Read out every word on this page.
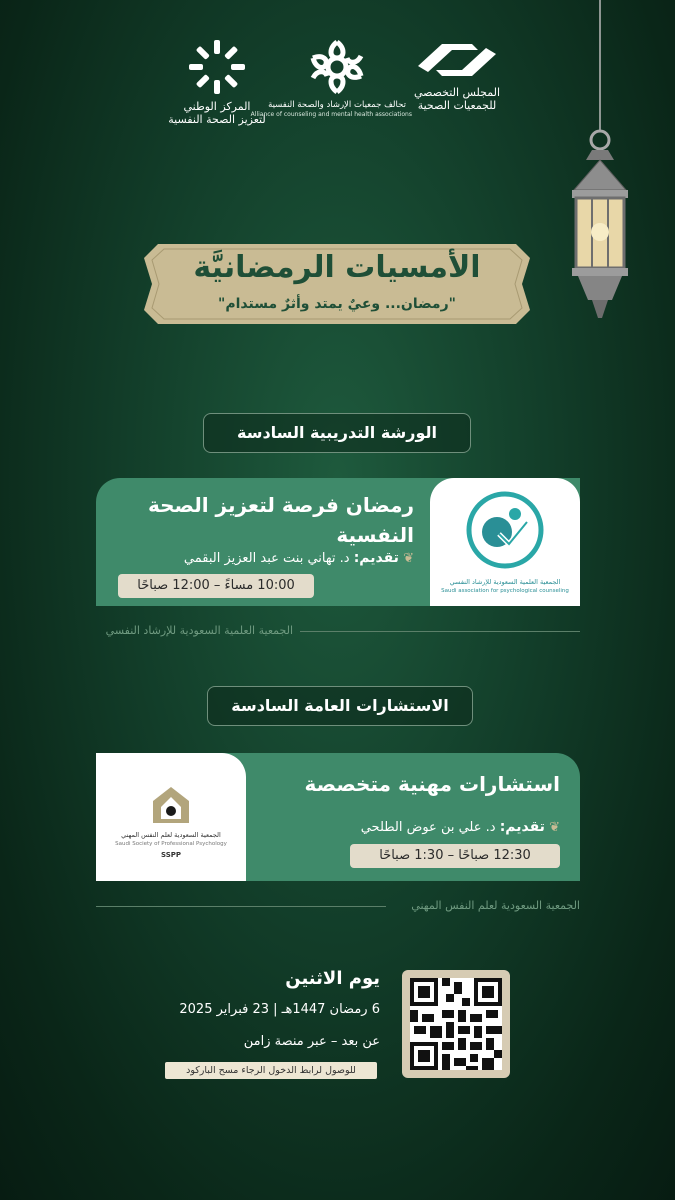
المجلس التخصصي
للجمعيات الصحية
تحالف جمعيات الإرشاد والصحة النفسية
Alliance of counseling and mental health associations
المركز الوطني
لتعزيز الصحة النفسية
الأمسيات الرمضانيَّة
"رمضان... وعيٌ يمتد وأثرٌ مستدام"
الورشة التدريبية السادسة
الجمعية العلمية السعودية للإرشاد النفسي
Saudi association for psychological counseling
رمضان فرصة لتعزيز الصحة النفسية
❦ تقديم: د. تهاني بنت عبد العزيز البقمي
10:00 مساءً – 12:00 صباحًا
الجمعية العلمية السعودية للإرشاد النفسي
الاستشارات العامة السادسة
الجمعية السعودية لعلم النفس المهني
Saudi Society of Professional Psychology
SSPP
استشارات مهنية متخصصة
❦ تقديم: د. علي بن عوض الطلحي
12:30 صباحًا – 1:30 صباحًا
الجمعية السعودية لعلم النفس المهني
يوم الاثنين
6 رمضان 1447هـ | 23 فبراير 2025
عن بعد – عبر منصة زامن
للوصول لرابط الدخول الرجاء مسح الباركود
